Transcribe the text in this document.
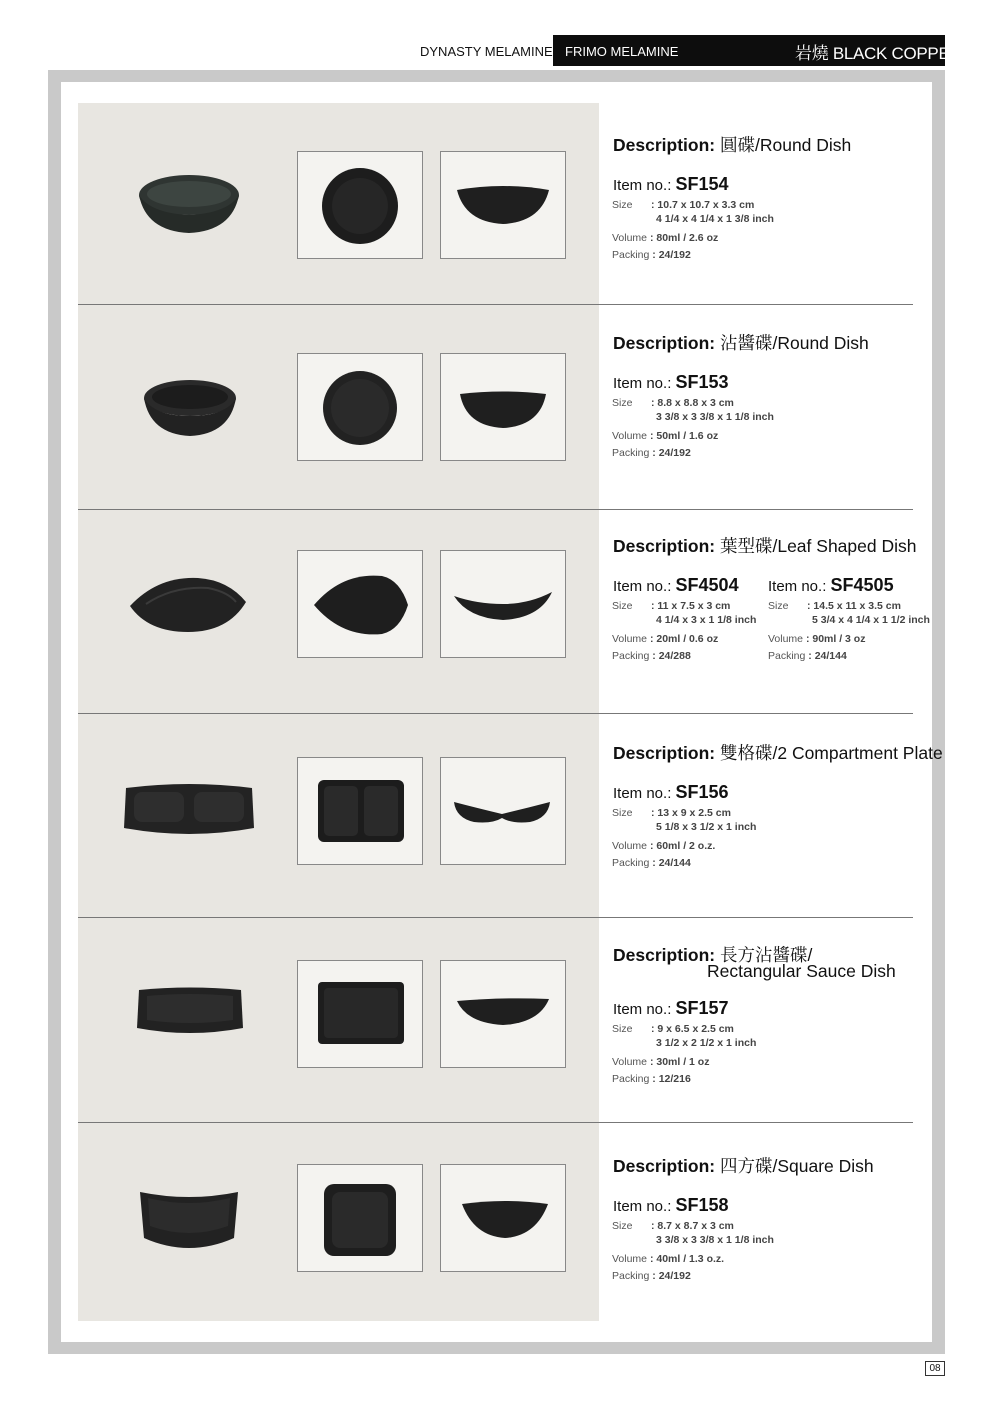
DYNASTY MELAMINE FRIMO MELAMINE	岩燒 BLACK COPPER
Description: 圓碟/Round Dish
Item no.: SF154
Size : 10.7 x 10.7 x 3.3 cm
4 1/4 x 4 1/4 x 1 3/8 inch
Volume : 80ml / 2.6 oz
Packing : 24/192
Description: 沾醬碟/Round Dish
Item no.: SF153
Size : 8.8 x 8.8 x 3 cm
3 3/8 x 3 3/8 x 1 1/8 inch
Volume : 50ml / 1.6 oz
Packing : 24/192
Description: 葉型碟/Leaf Shaped Dish
Item no.: SF4504
Size : 11 x 7.5 x 3 cm
4 1/4 x 3 x 1 1/8 inch
Volume : 20ml / 0.6 oz
Packing : 24/288
Item no.: SF4505
Size : 14.5 x 11 x 3.5 cm
5 3/4 x 4 1/4 x 1 1/2 inch
Volume : 90ml / 3 oz
Packing : 24/144
Description: 雙格碟/2 Compartment Plate
Item no.: SF156
Size : 13 x 9 x 2.5 cm
5 1/8 x 3 1/2 x 1 inch
Volume : 60ml / 2 o.z.
Packing : 24/144
Description: 長方沾醬碟/
Rectangular Sauce Dish
Item no.: SF157
Size : 9 x 6.5 x 2.5 cm
3 1/2 x 2 1/2 x 1 inch
Volume : 30ml / 1 oz
Packing : 12/216
Description: 四方碟/Square Dish
Item no.: SF158
Size : 8.7 x 8.7 x 3 cm
3 3/8 x 3 3/8 x 1 1/8 inch
Volume : 40ml / 1.3 o.z.
Packing : 24/192
08
